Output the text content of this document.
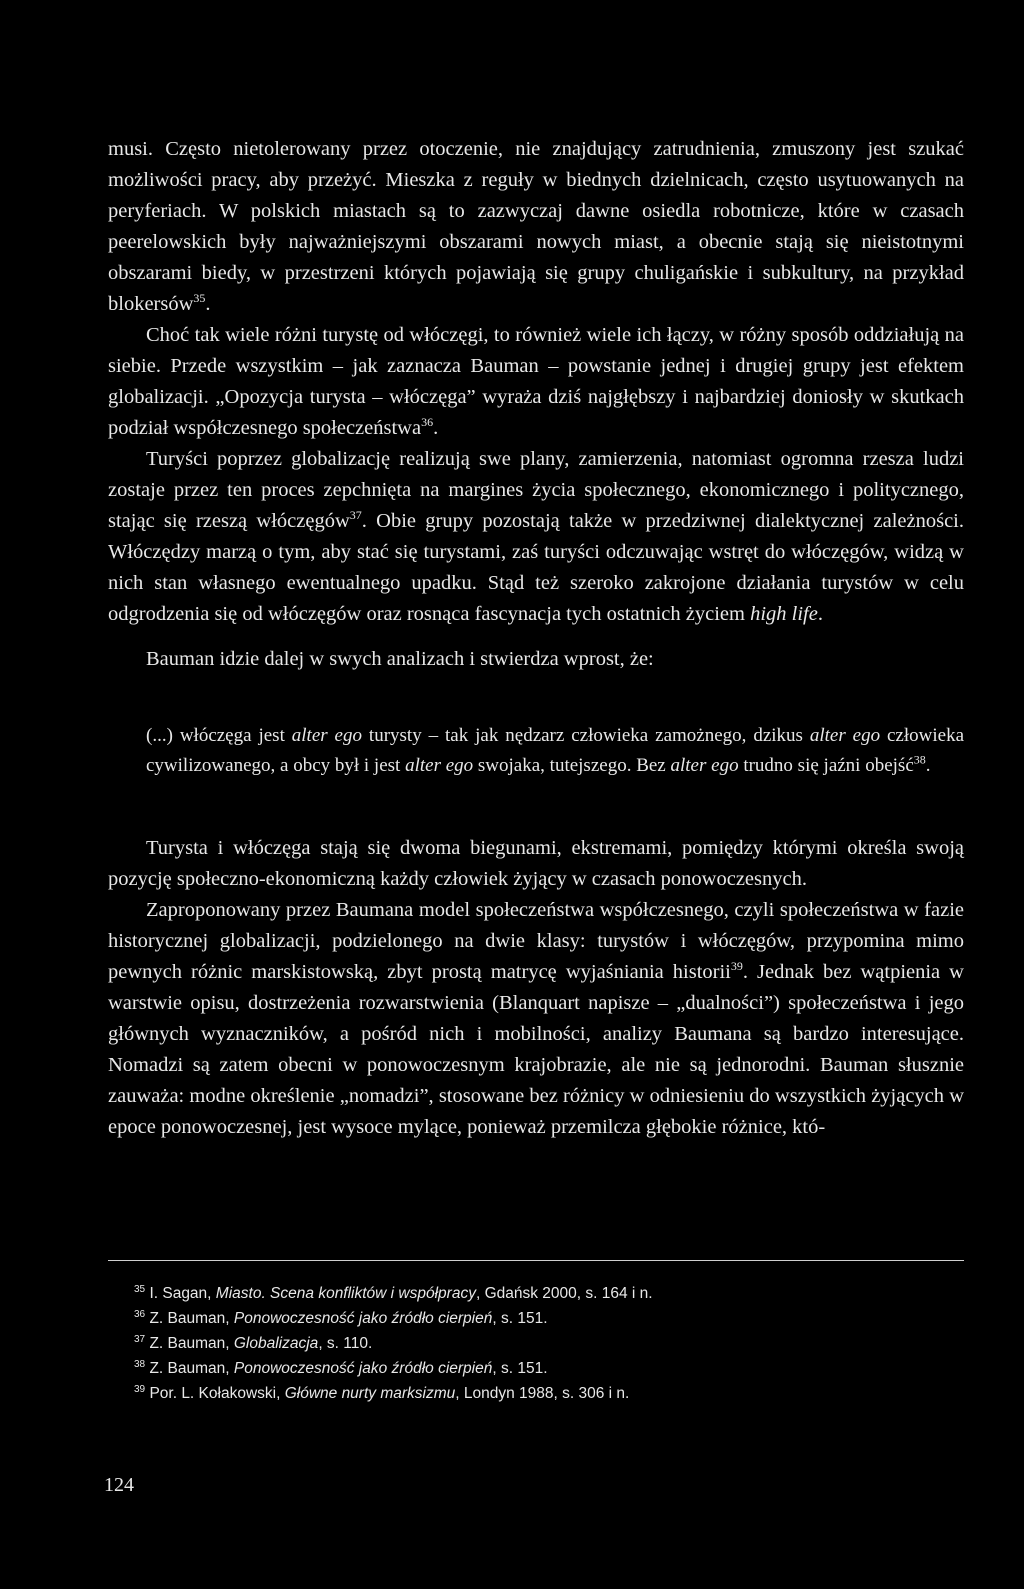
musi. Często nietolerowany przez otoczenie, nie znajdujący zatrudnienia, zmuszony jest szukać możliwości pracy, aby przeżyć. Mieszka z reguły w biednych dzielnicach, często usytuowanych na peryferiach. W polskich miastach są to zazwyczaj dawne osiedla robotnicze, które w czasach peerelowskich były najważniejszymi obszarami nowych miast, a obecnie stają się nieistotnymi obszarami biedy, w przestrzeni których pojawiają się grupy chuligańskie i subkultury, na przykład blokersów$^{35}$.

Choć tak wiele różni turystę od włóczęgi, to również wiele ich łączy, w różny sposób oddziałują na siebie. Przede wszystkim – jak zaznacza Bauman – powstanie jednej i drugiej grupy jest efektem globalizacji. „Opozycja turysta – włóczęga” wyraża dziś najgłębszy i najbardziej doniosły w skutkach podział współczesnego społeczeństwa$^{36}$.

Turyści poprzez globalizację realizują swe plany, zamierzenia, natomiast ogromna rzesza ludzi zostaje przez ten proces zepchnięta na margines życia społecznego, ekonomicznego i politycznego, stając się rzeszą włóczęgów$^{37}$. Obie grupy pozostają także w przedziwnej dialektycznej zależności. Włóczędzy marzą o tym, aby stać się turystami, zaś turyści odczuwając wstręt do włóczęgów, widzą w nich stan własnego ewentualnego upadku. Stąd też szeroko zakrojone działania turystów w celu odgrodzenia się od włóczęgów oraz rosnąca fascynacja tych ostatnich życiem high life.

Bauman idzie dalej w swych analizach i stwierdza wprost, że:

(...) włóczęga jest alter ego turysty – tak jak nędzarz człowieka zamożnego, dzikus alter ego człowieka cywilizowanego, a obcy był i jest alter ego swojaka, tutejszego. Bez alter ego trudno się jaźni obejść$^{38}$.

Turysta i włóczęga stają się dwoma biegunami, ekstremami, pomiędzy którymi określa swoją pozycję społeczno-ekonomiczną każdy człowiek żyjący w czasach ponowoczesnych.

Zaproponowany przez Baumana model społeczeństwa współczesnego, czyli społeczeństwa w fazie historycznej globalizacji, podzielonego na dwie klasy: turystów i włóczęgów, przypomina mimo pewnych różnic marskistowską, zbyt prostą matrycę wyjaśniania historii$^{39}$. Jednak bez wątpienia w warstwie opisu, dostrzeżenia rozwarstwienia (Blanquart napisze – „dualności”) społeczeństwa i jego głównych wyznaczników, a pośród nich i mobilności, analizy Baumana są bardzo interesujące. Nomadzi są zatem obecni w ponowoczesnym krajobrazie, ale nie są jednorodni. Bauman słusznie zauważa: modne określenie „nomadzi”, stosowane bez różnicy w odniesieniu do wszystkich żyjących w epoce ponowoczesnej, jest wysoce mylące, ponieważ przemilcza głębokie różnice, któ-

$^{35}$ I. Sagan, Miasto. Scena konfliktów i współpracy, Gdańsk 2000, s. 164 i n.
$^{36}$ Z. Bauman, Ponowoczesność jako źródło cierpień, s. 151.
$^{37}$ Z. Bauman, Globalizacja, s. 110.
$^{38}$ Z. Bauman, Ponowoczesność jako źródło cierpień, s. 151.
$^{39}$ Por. L. Kołakowski, Główne nurty marksizmu, Londyn 1988, s. 306 i n.
124
